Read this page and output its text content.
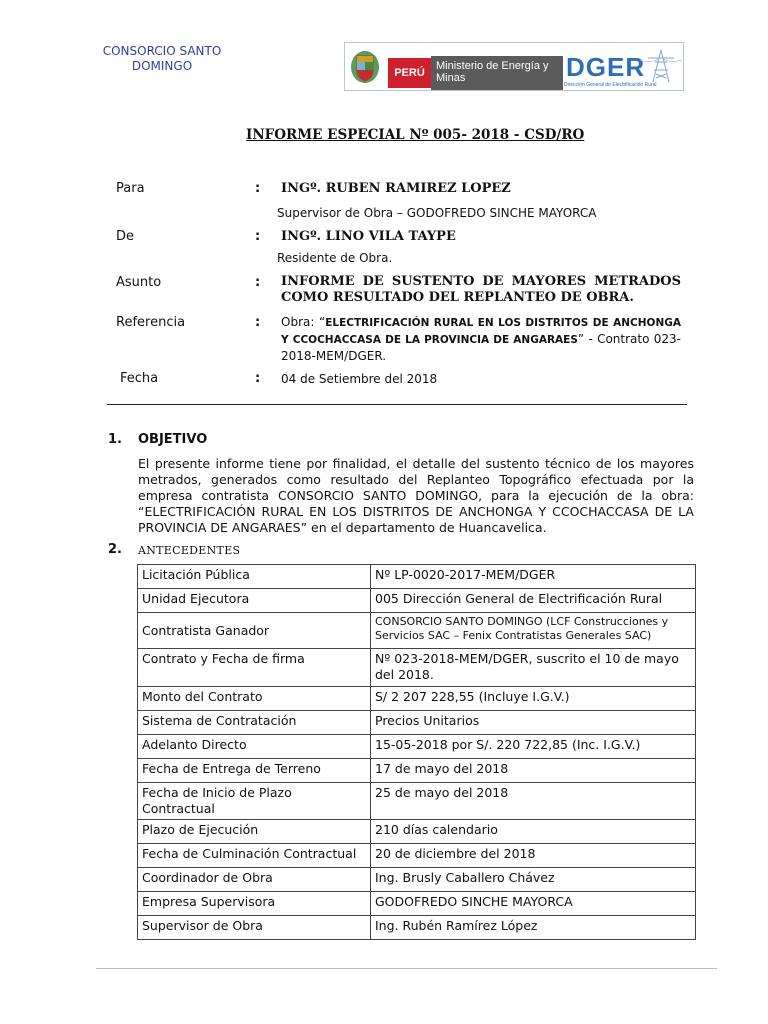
CONSORCIO SANTO DOMINGO	PERÚ
Ministerio de Energía y Minas	DGER
Dirección General de Electrificación Rural
INFORME ESPECIAL Nº 005- 2018 - CSD/RO
Para	: INGº. RUBEN RAMIREZ LOPEZ
Supervisor de Obra – GODOFREDO SINCHE MAYORCA
De	: INGº. LINO VILA TAYPE
Residente de Obra.
Asunto	: INFORME DE SUSTENTO DE MAYORES METRADOS COMO RESULTADO DEL REPLANTEO DE OBRA.
Referencia	: Obra: “ELECTRIFICACIÓN RURAL EN LOS DISTRITOS DE ANCHONGA Y CCOCHACCASA DE LA PROVINCIA DE ANGARAES” - Contrato 023-2018-MEM/DGER.
Fecha	: 04 de Setiembre del 2018
1. OBJETIVO
El presente informe tiene por finalidad, el detalle del sustento técnico de los mayores metrados, generados como resultado del Replanteo Topográfico efectuada por la empresa contratista CONSORCIO SANTO DOMINGO, para la ejecución de la obra: “ELECTRIFICACIÓN RURAL EN LOS DISTRITOS DE ANCHONGA Y CCOCHACCASA DE LA PROVINCIA DE ANGARAES” en el departamento de Huancavelica.
2. ANTECEDENTES
Licitación Pública	Nº LP-0020-2017-MEM/DGER
Unidad Ejecutora	005 Dirección General de Electrificación Rural
Contratista Ganador	CONSORCIO SANTO DOMINGO (LCF Construcciones y Servicios SAC – Fenix Contratistas Generales SAC)
Contrato y Fecha de firma	Nº 023-2018-MEM/DGER, suscrito el 10 de mayo del 2018.
Monto del Contrato	S/ 2 207 228,55 (Incluye I.G.V.)
Sistema de Contratación	Precios Unitarios
Adelanto Directo	15-05-2018 por S/. 220 722,85 (Inc. I.G.V.)
Fecha de Entrega de Terreno	17 de mayo del 2018
Fecha de Inicio de Plazo Contractual	25 de mayo del 2018
Plazo de Ejecución	210 días calendario
Fecha de Culminación Contractual	20 de diciembre del 2018
Coordinador de Obra	Ing. Brusly Caballero Chávez
Empresa Supervisora	GODOFREDO SINCHE MAYORCA
Supervisor de Obra	Ing. Rubén Ramírez López
